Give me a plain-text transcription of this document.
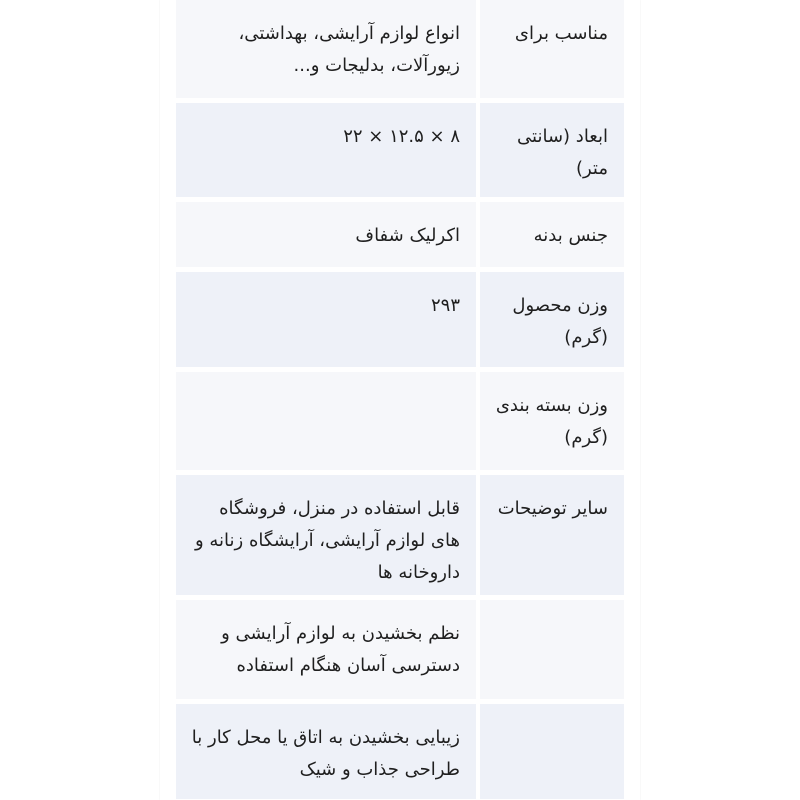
مناسب برای
انواع لوازم آرایشی، بهداشتی، زیورآلات، بدلیجات و...
ابعاد (سانتی متر)
۸ × ۱۲.۵ × ۲۲
جنس بدنه
اکرلیک شفاف
وزن محصول (گرم)
۲۹۳
وزن بسته بندی (گرم)
سایر توضیحات
قابل استفاده در منزل، فروشگاه های لوازم آرایشی، آرایشگاه زنانه و داروخانه ها
نظم بخشیدن به لوازم آرایشی و دسترسی آسان هنگام استفاده
زیبایی بخشیدن به اتاق یا محل کار با طراحی جذاب و شیک
